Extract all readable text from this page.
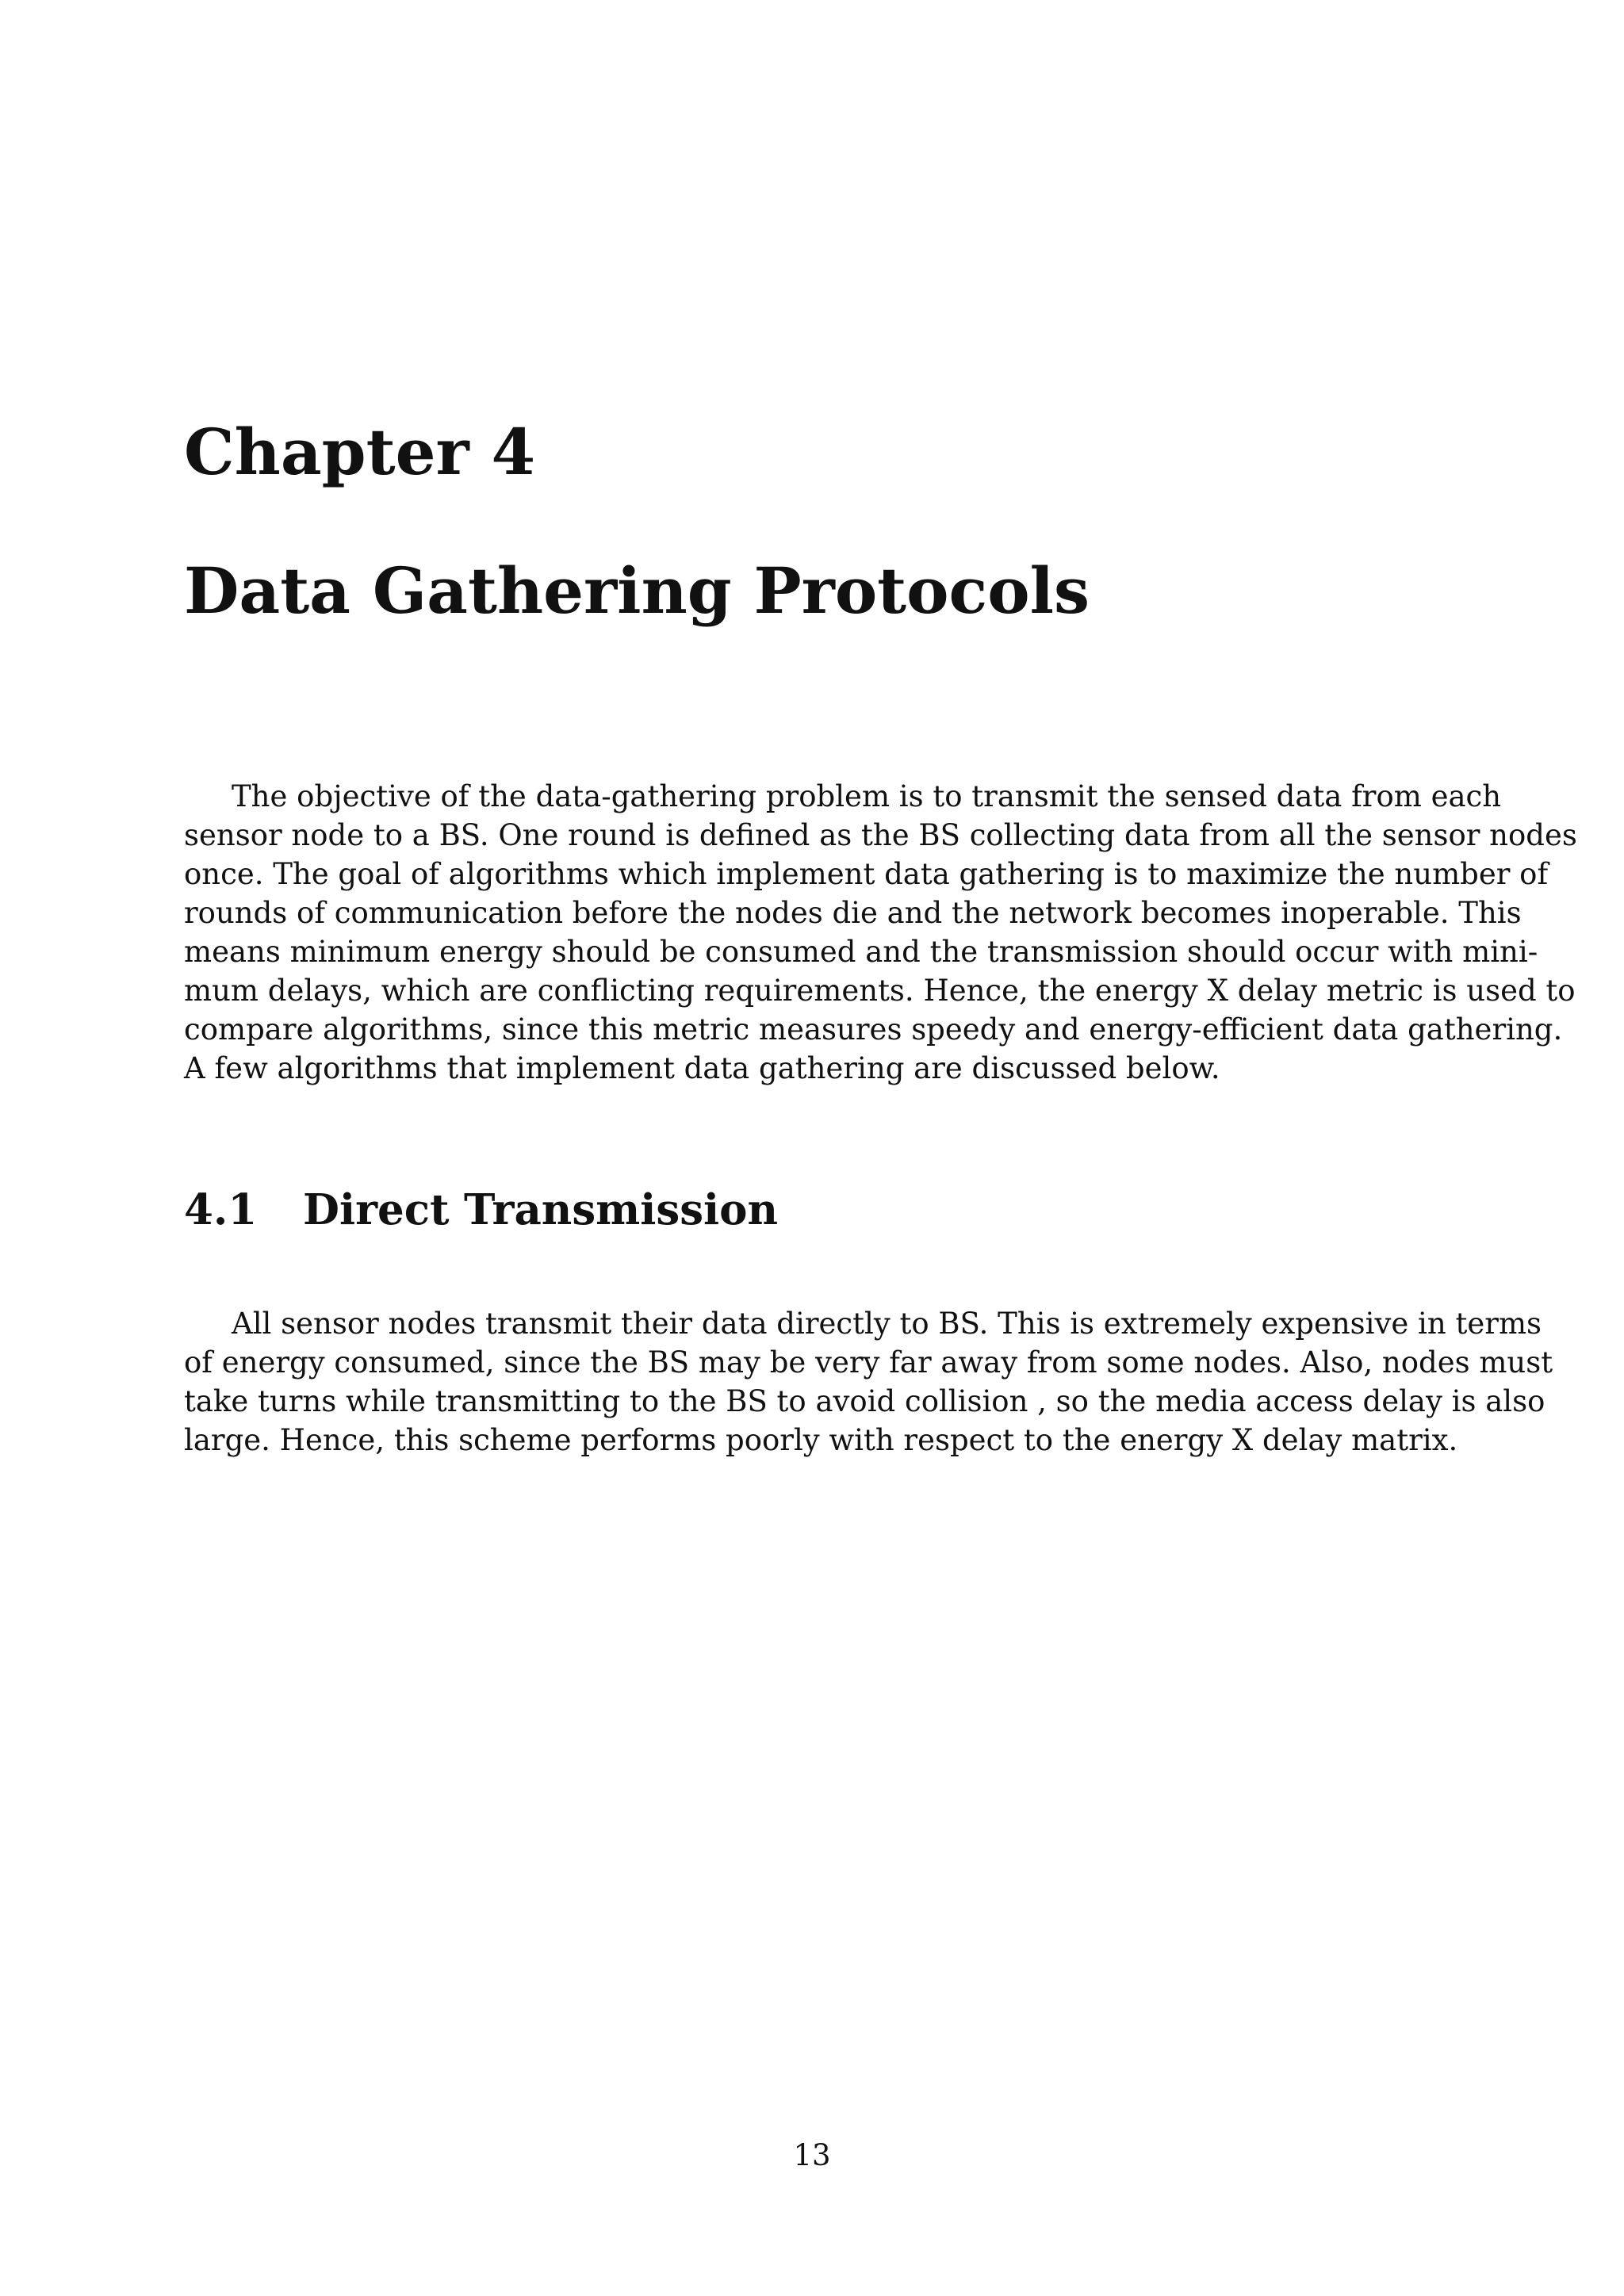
Chapter 4
Data Gathering Protocols

The objective of the data-gathering problem is to transmit the sensed data from each
sensor node to a BS. One round is defined as the BS collecting data from all the sensor nodes
once. The goal of algorithms which implement data gathering is to maximize the number of
rounds of communication before the nodes die and the network becomes inoperable. This
means minimum energy should be consumed and the transmission should occur with mini-
mum delays, which are conflicting requirements. Hence, the energy X delay metric is used to
compare algorithms, since this metric measures speedy and energy-efficient data gathering.
A few algorithms that implement data gathering are discussed below.

4.1 Direct Transmission

All sensor nodes transmit their data directly to BS. This is extremely expensive in terms
of energy consumed, since the BS may be very far away from some nodes. Also, nodes must
take turns while transmitting to the BS to avoid collision , so the media access delay is also
large. Hence, this scheme performs poorly with respect to the energy X delay matrix.

13
